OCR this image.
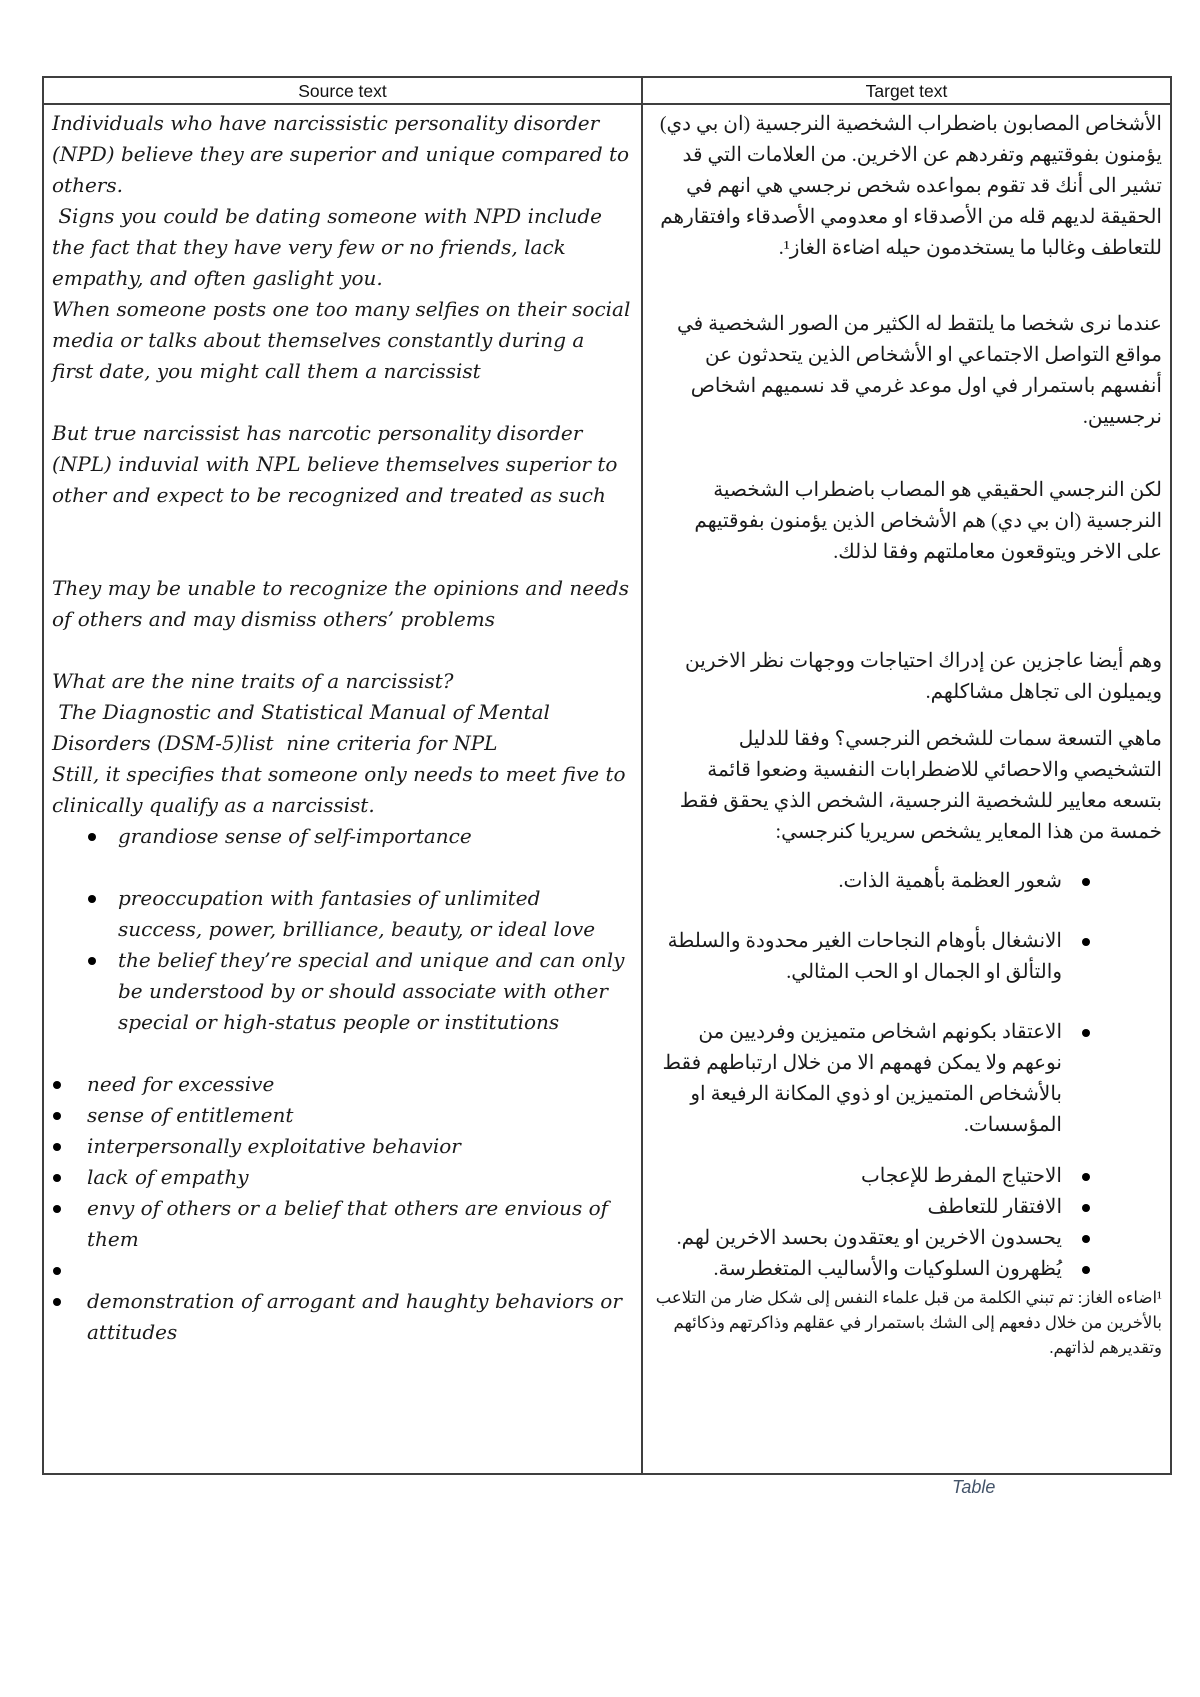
Source text	Target text

Individuals who have narcissistic personality disorder (NPD) believe they are superior and unique compared to others.

Signs you could be dating someone with NPD include the fact that they have very few or no friends, lack empathy, and often gaslight you.

When someone posts one too many selfies on their social media or talks about themselves constantly during a first date, you might call them a narcissist

But true narcissist has narcotic personality disorder (NPL) induvial with NPL believe themselves superior to other and expect to be recognized and treated as such

They may be unable to recognize the opinions and needs of others and may dismiss others’ problems

What are the nine traits of a narcissist?

The Diagnostic and Statistical Manual of Mental Disorders (DSM-5)list  nine criteria for NPL

Still, it specifies that someone only needs to meet five to clinically qualify as a narcissist.

grandiose sense of self-importance
preoccupation with fantasies of unlimited success, power, brilliance, beauty, or ideal love
the belief they’re special and unique and can only be understood by or should associate with other special or high-status people or institutions
need for excessive
sense of entitlement
interpersonally exploitative behavior
lack of empathy
envy of others or a belief that others are envious of them
demonstration of arrogant and haughty behaviors or attitudes

الأشخاص المصابون باضطراب الشخصية النرجسية (ان بي دي) يؤمنون بفوقتيهم وتفردهم عن الاخرين. من العلامات التي قد تشير الى أنك قد تقوم بمواعده شخص نرجسي هي انهم في الحقيقة لديهم قله من الأصدقاء او معدومي الأصدقاء وافتقارهم للتعاطف وغالبا ما يستخدمون حيله اضاءة الغاز¹.

عندما نرى شخصا ما يلتقط له الكثير من الصور الشخصية في مواقع التواصل الاجتماعي او الأشخاص الذين يتحدثون عن أنفسهم باستمرار في اول موعد غرمي قد نسميهم اشخاص نرجسيين.

لكن النرجسي الحقيقي هو المصاب باضطراب الشخصية النرجسية (ان بي دي) هم الأشخاص الذين يؤمنون بفوقتيهم على الاخر ويتوقعون معاملتهم وفقا لذلك.

وهم أيضا عاجزين عن إدراك احتياجات ووجهات نظر الاخرين ويميلون الى تجاهل مشاكلهم.

ماهي التسعة سمات للشخص النرجسي؟ وفقا للدليل التشخيصي والاحصائي للاضطرابات النفسية وضعوا قائمة بتسعه معايير للشخصية النرجسية، الشخص الذي يحقق فقط خمسة من هذا المعاير يشخص سريريا كنرجسي:

شعور العظمة بأهمية الذات.
الانشغال بأوهام النجاحات الغير محدودة والسلطة والتألق او الجمال او الحب المثالي.
الاعتقاد بكونهم اشخاص متميزين وفرديين من نوعهم ولا يمكن فهمهم الا من خلال ارتباطهم فقط بالأشخاص المتميزين او ذوي المكانة الرفيعة او المؤسسات.
الاحتياج المفرط للإعجاب
الافتقار للتعاطف
يحسدون الاخرين او يعتقدون بحسد الاخرين لهم.
يُظهرون السلوكيات والأساليب المتغطرسة.

¹اضاءه الغاز: تم تبني الكلمة من قبل علماء النفس إلى شكل ضار من التلاعب بالأخرين من خلال دفعهم إلى الشك باستمرار في عقلهم وذاكرتهم وذكائهم وتقديرهم لذاتهم.

Table
